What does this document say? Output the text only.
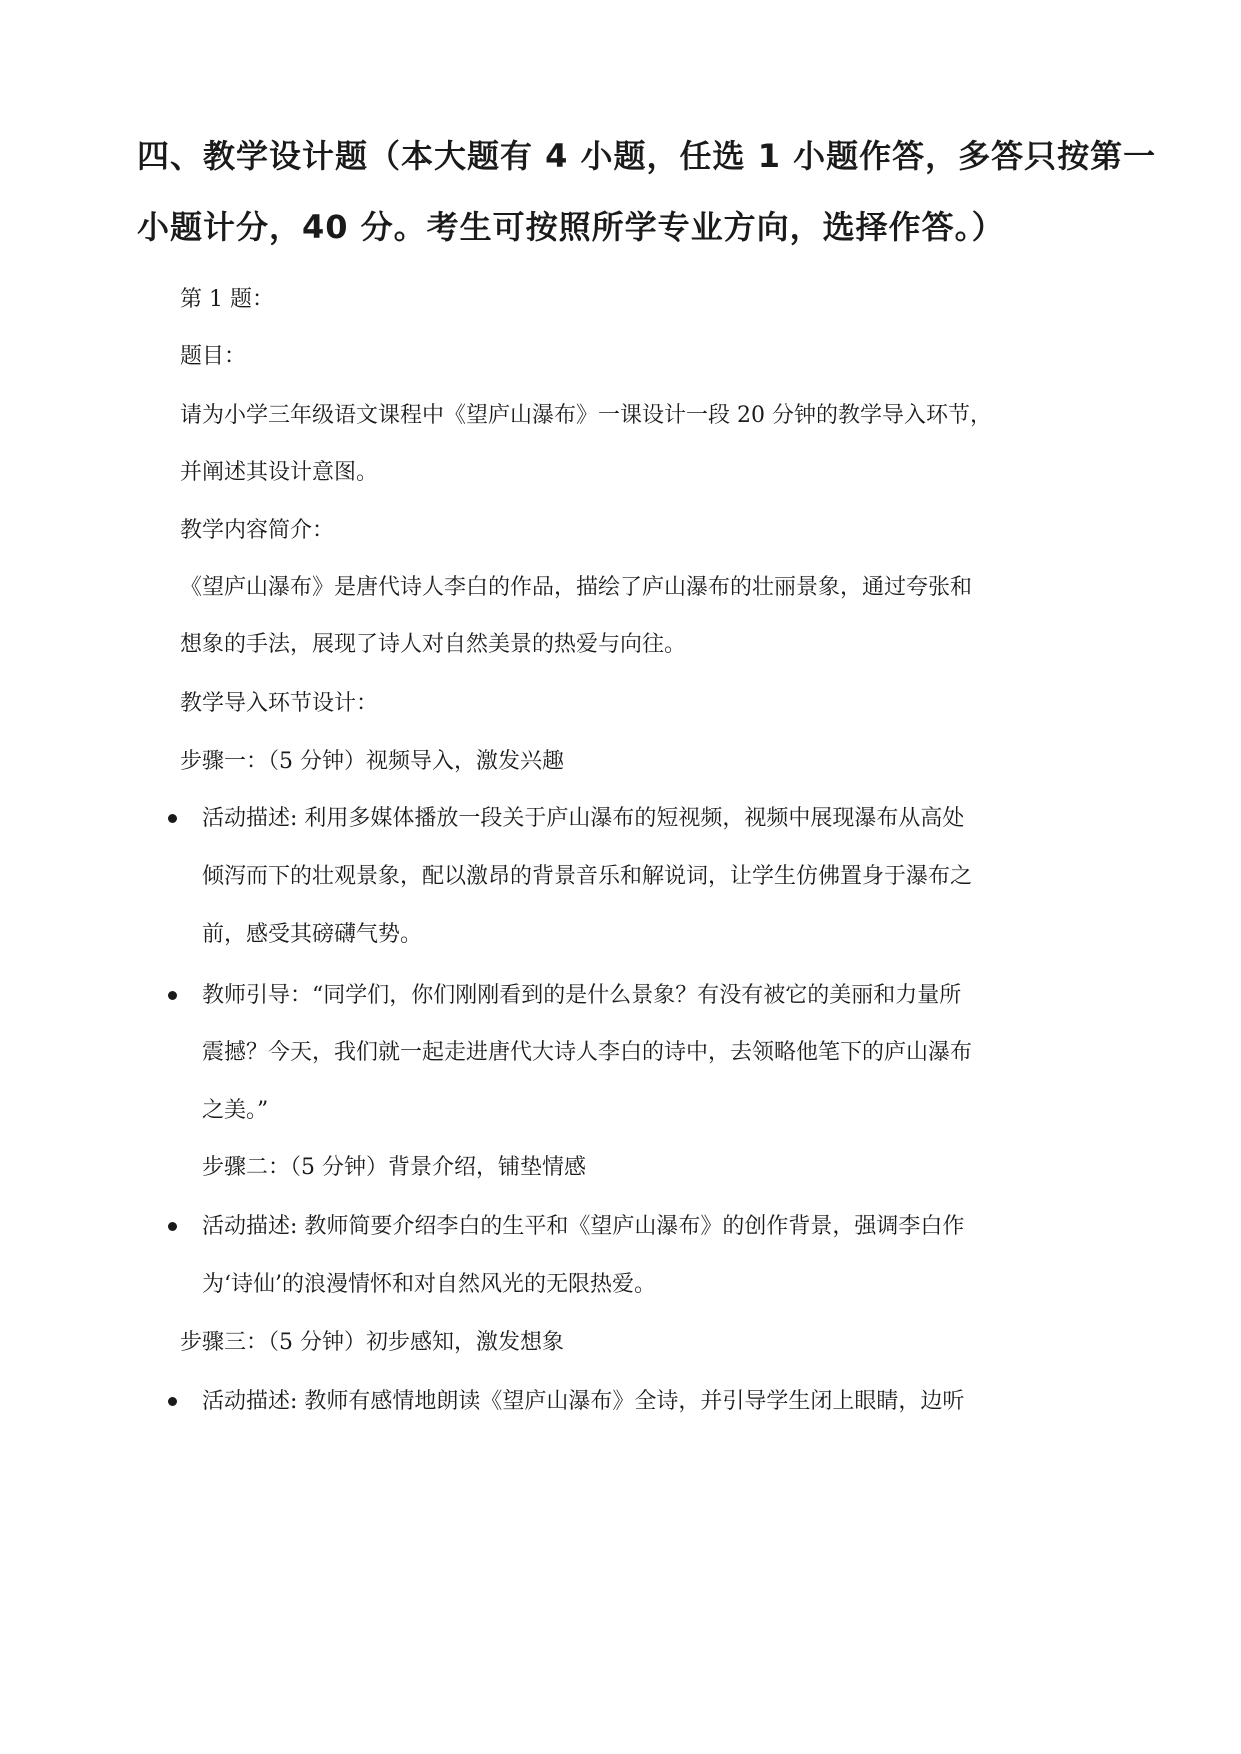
四、教学设计题（本大题有 4 小题，任选 1 小题作答，多答只按第一
小题计分，40 分。考生可按照所学专业方向，选择作答。）
第 1 题：
题目：
请为小学三年级语文课程中《望庐山瀑布》一课设计一段 20 分钟的教学导入环节，
并阐述其设计意图。
教学内容简介：
《望庐山瀑布》是唐代诗人李白的作品，描绘了庐山瀑布的壮丽景象，通过夸张和
想象的手法，展现了诗人对自然美景的热爱与向往。
教学导入环节设计：
步骤一：（5 分钟）视频导入，激发兴趣
活动描述: 利用多媒体播放一段关于庐山瀑布的短视频，视频中展现瀑布从高处
倾泻而下的壮观景象，配以激昂的背景音乐和解说词，让学生仿佛置身于瀑布之
前，感受其磅礴气势。
教师引导：“同学们，你们刚刚看到的是什么景象？有没有被它的美丽和力量所
震撼？今天，我们就一起走进唐代大诗人李白的诗中，去领略他笔下的庐山瀑布
之美。”
步骤二：（5 分钟）背景介绍，铺垫情感
活动描述: 教师简要介绍李白的生平和《望庐山瀑布》的创作背景，强调李白作
为‘诗仙’的浪漫情怀和对自然风光的无限热爱。
步骤三：（5 分钟）初步感知，激发想象
活动描述: 教师有感情地朗读《望庐山瀑布》全诗，并引导学生闭上眼睛，边听
